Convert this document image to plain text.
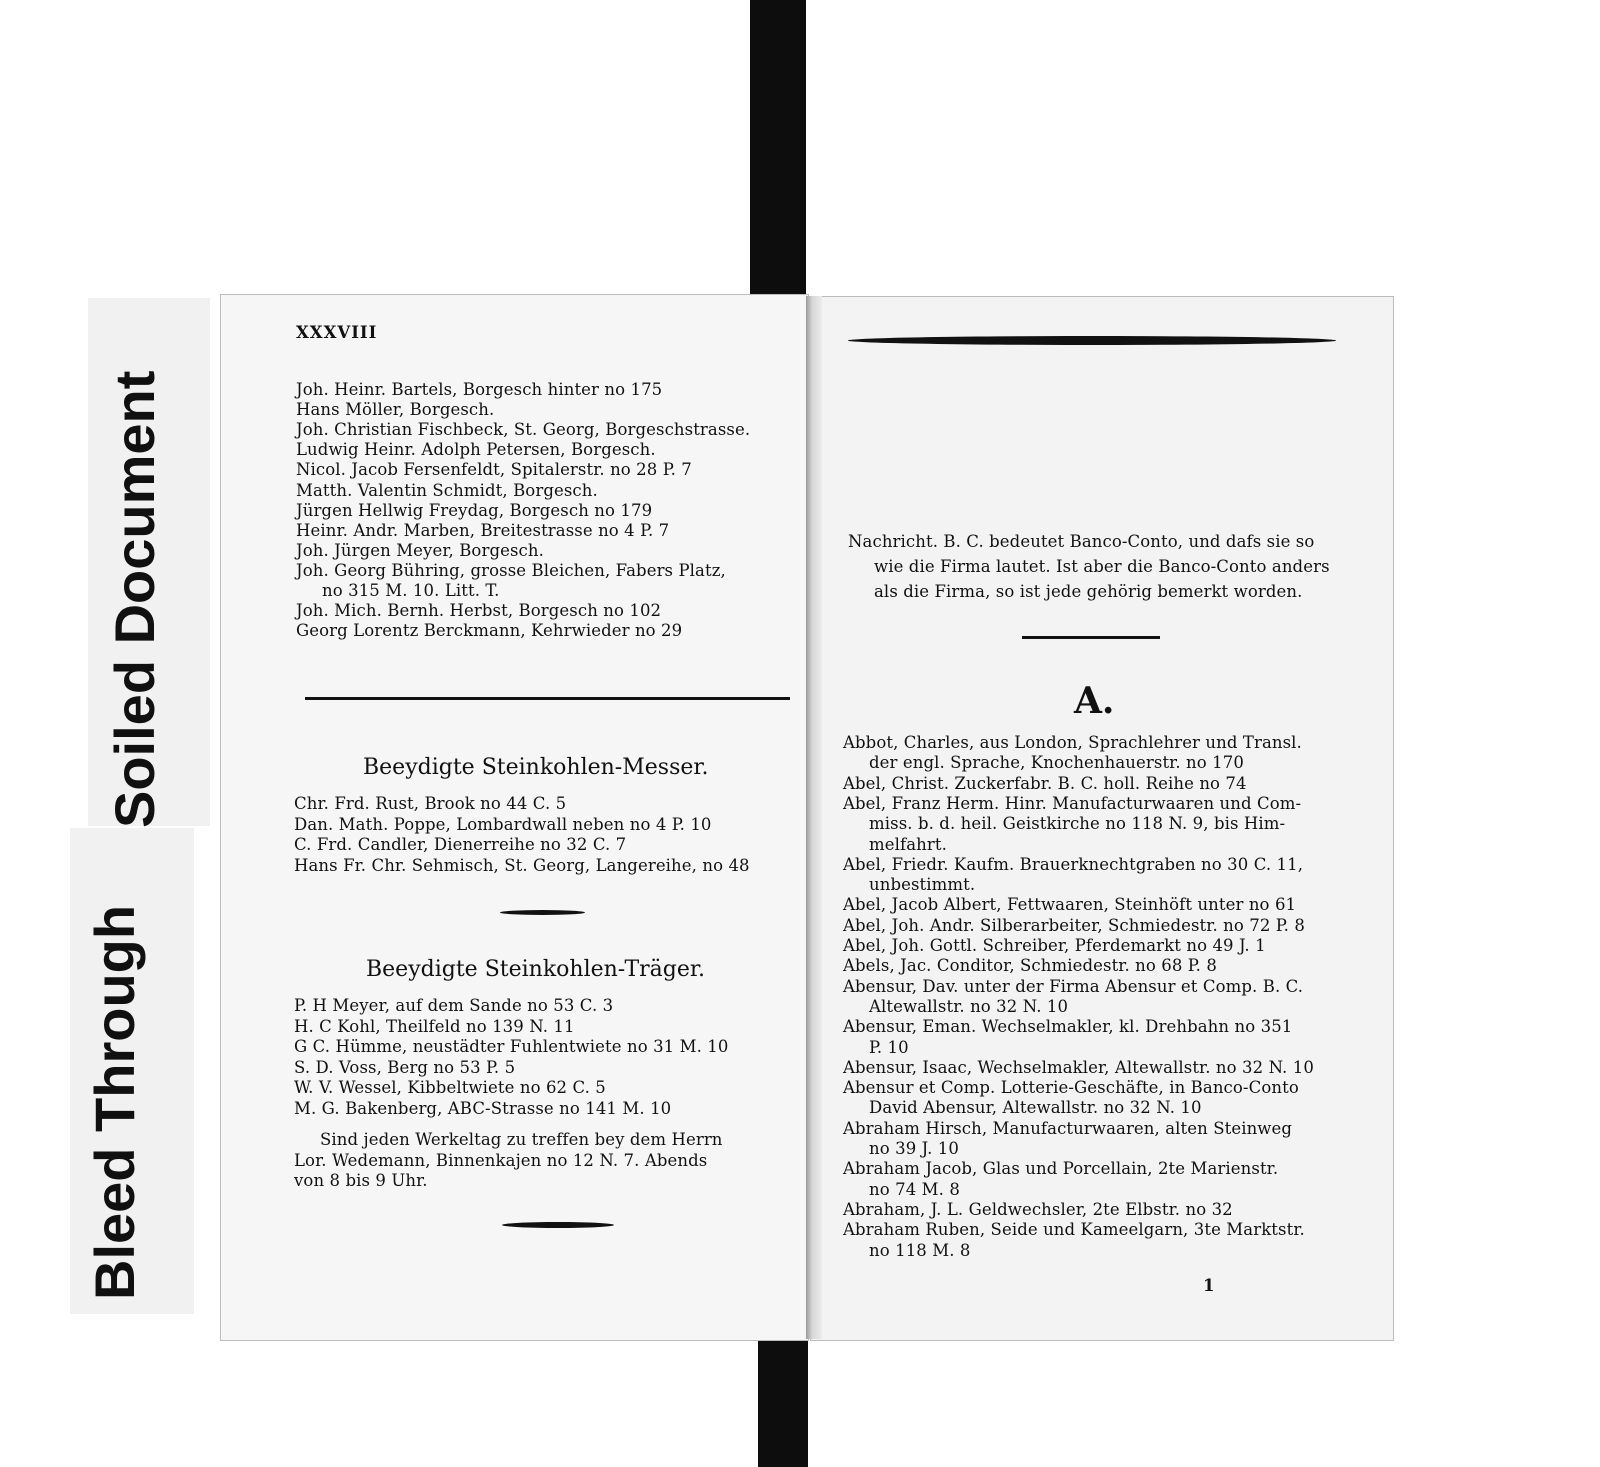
Bleed Through
Soiled Document
XXXVIII
Joh. Heinr. Bartels, Borgesch hinter no 175
Hans Möller, Borgesch.
Joh. Christian Fischbeck, St. Georg, Borgeschstrasse.
Ludwig Heinr. Adolph Petersen, Borgesch.
Nicol. Jacob Fersenfeldt, Spitalerstr. no 28 P. 7
Matth. Valentin Schmidt, Borgesch.
Jürgen Hellwig Freydag, Borgesch no 179
Heinr. Andr. Marben, Breitestrasse no 4 P. 7
Joh. Jürgen Meyer, Borgesch.
Joh. Georg Bühring, grosse Bleichen, Fabers Platz,
no 315 M. 10. Litt. T.
Joh. Mich. Bernh. Herbst, Borgesch no 102
Georg Lorentz Berckmann, Kehrwieder no 29
Beeydigte Steinkohlen-Messer.
Chr. Frd. Rust, Brook no 44 C. 5
Dan. Math. Poppe, Lombardwall neben no 4 P. 10
C. Frd. Candler, Dienerreihe no 32 C. 7
Hans Fr. Chr. Sehmisch, St. Georg, Langereihe, no 48
Beeydigte Steinkohlen-Träger.
P. H Meyer, auf dem Sande no 53 C. 3
H. C Kohl, Theilfeld no 139 N. 11
G C. Hümme, neustädter Fuhlentwiete no 31 M. 10
S. D. Voss, Berg no 53 P. 5
W. V. Wessel, Kibbeltwiete no 62 C. 5
M. G. Bakenberg, ABC-Strasse no 141 M. 10
Sind jeden Werkeltag zu treffen bey dem Herrn
Lor. Wedemann, Binnenkajen no 12 N. 7. Abends
von 8 bis 9 Uhr.
Nachricht. B. C. bedeutet Banco-Conto, und dafs sie so
wie die Firma lautet. Ist aber die Banco-Conto anders
als die Firma, so ist jede gehörig bemerkt worden.
A.
Abbot, Charles, aus London, Sprachlehrer und Transl.
der engl. Sprache, Knochenhauerstr. no 170
Abel, Christ. Zuckerfabr. B. C. holl. Reihe no 74
Abel, Franz Herm. Hinr. Manufacturwaaren und Com-
miss. b. d. heil. Geistkirche no 118 N. 9, bis Him-
melfahrt.
Abel, Friedr. Kaufm. Brauerknechtgraben no 30 C. 11,
unbestimmt.
Abel, Jacob Albert, Fettwaaren, Steinhöft unter no 61
Abel, Joh. Andr. Silberarbeiter, Schmiedestr. no 72 P. 8
Abel, Joh. Gottl. Schreiber, Pferdemarkt no 49 J. 1
Abels, Jac. Conditor, Schmiedestr. no 68 P. 8
Abensur, Dav. unter der Firma Abensur et Comp. B. C.
Altewallstr. no 32 N. 10
Abensur, Eman. Wechselmakler, kl. Drehbahn no 351
P. 10
Abensur, Isaac, Wechselmakler, Altewallstr. no 32 N. 10
Abensur et Comp. Lotterie-Geschäfte, in Banco-Conto
David Abensur, Altewallstr. no 32 N. 10
Abraham Hirsch, Manufacturwaaren, alten Steinweg
no 39 J. 10
Abraham Jacob, Glas und Porcellain, 2te Marienstr.
no 74 M. 8
Abraham, J. L. Geldwechsler, 2te Elbstr. no 32
Abraham Ruben, Seide und Kameelgarn, 3te Marktstr.
no 118 M. 8
1
